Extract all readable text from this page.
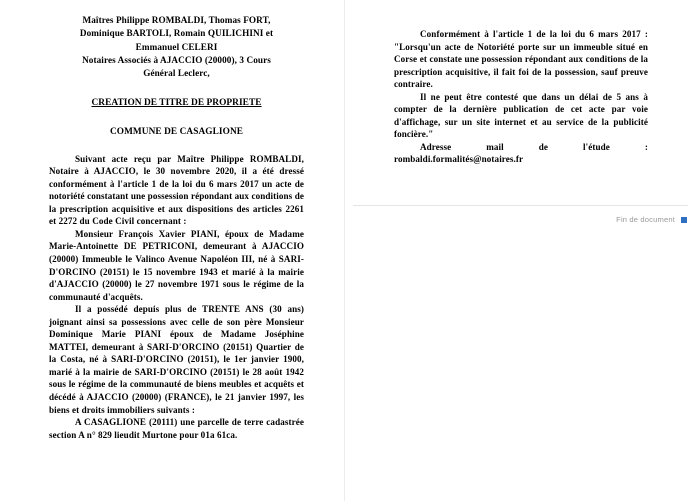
Maîtres Philippe ROMBALDI, Thomas FORT,
Dominique BARTOLI, Romain QUILICHINI et
Emmanuel CELERI
Notaires Associés à AJACCIO (20000), 3 Cours
Général Leclerc,
CREATION DE TITRE DE PROPRIETE
COMMUNE DE CASAGLIONE

Suivant acte reçu par Maître Philippe ROMBALDI, Notaire à AJACCIO, le 30 novembre 2020, il a été dressé conformément à l'article 1 de la loi du 6 mars 2017 un acte de notoriété constatant une possession répondant aux conditions de la prescription acquisitive et aux dispositions des articles 2261 et 2272 du Code Civil concernant :

Monsieur François Xavier PIANI, époux de Madame Marie-Antoinette DE PETRICONI, demeurant à AJACCIO (20000) Immeuble le Valinco Avenue Napoléon III, né à SARI-D'ORCINO (20151) le 15 novembre 1943 et marié à la mairie d'AJACCIO (20000) le 27 novembre 1971 sous le régime de la communauté d'acquêts.

Il a possédé depuis plus de TRENTE ANS (30 ans) joignant ainsi sa possessions avec celle de son père Monsieur Dominique Marie PIANI époux de Madame Joséphine MATTEI, demeurant à SARI-D'ORCINO (20151) Quartier de la Costa, né à SARI-D'ORCINO (20151), le 1er janvier 1900, marié à la mairie de SARI-D'ORCINO (20151) le 28 août 1942 sous le régime de la communauté de biens meubles et acquêts et décédé à AJACCIO (20000) (FRANCE), le 21 janvier 1997, les biens et droits immobiliers suivants :

A CASAGLIONE (20111) une parcelle de terre cadastrée section A n° 829 lieudit Murtone pour 01a 61ca.

Conformément à l'article 1 de la loi du 6 mars 2017 : "Lorsqu'un acte de Notoriété porte sur un immeuble situé en Corse et constate une possession répondant aux conditions de la prescription acquisitive, il fait foi de la possession, sauf preuve contraire.

Il ne peut être contesté que dans un délai de 5 ans à compter de la dernière publication de cet acte par voie d'affichage, sur un site internet et au service de la publicité foncière."

Adresse mail de l'étude : rombaldi.formalités@notaires.fr

Fin de document
